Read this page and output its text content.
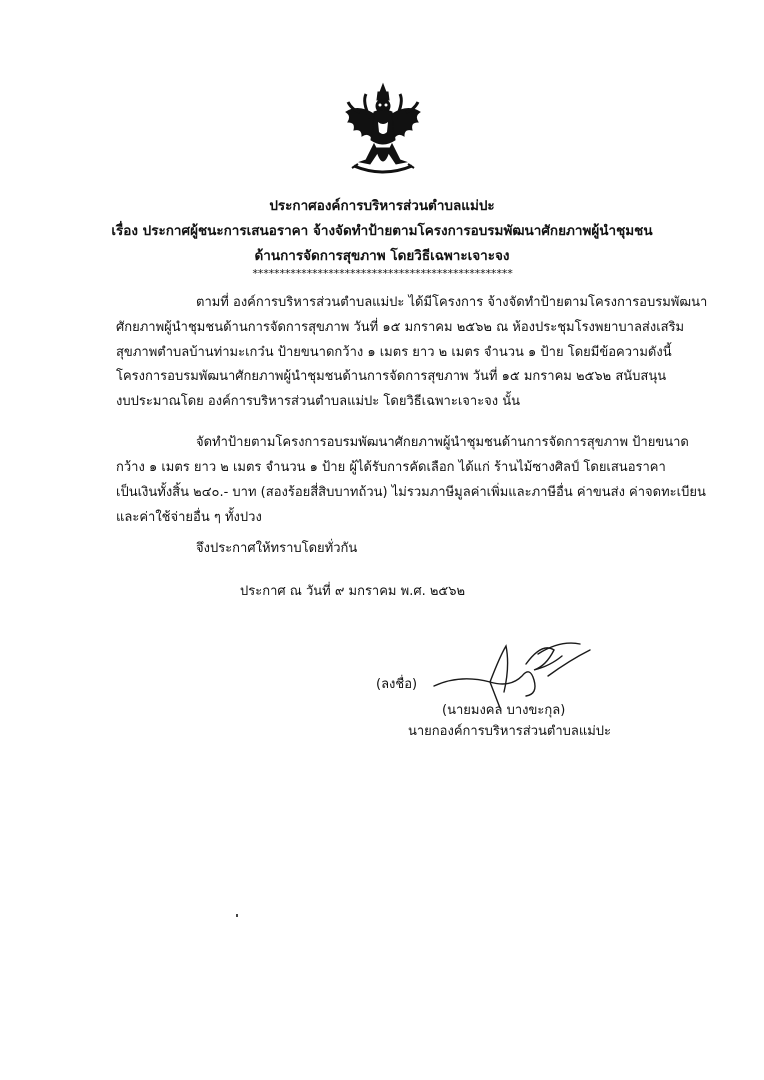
ประกาศองค์การบริหารส่วนตำบลแม่ปะ
เรื่อง ประกาศผู้ชนะการเสนอราคา จ้างจัดทำป้ายตามโครงการอบรมพัฒนาศักยภาพผู้นำชุมชน
ด้านการจัดการสุขภาพ โดยวิธีเฉพาะเจาะจง
************************************************
ตามที่ องค์การบริหารส่วนตำบลแม่ปะ ได้มีโครงการ จ้างจัดทำป้ายตามโครงการอบรมพัฒนา
ศักยภาพผู้นำชุมชนด้านการจัดการสุขภาพ วันที่ ๑๕ มกราคม ๒๕๖๒ ณ ห้องประชุมโรงพยาบาลส่งเสริม
สุขภาพตำบลบ้านท่ามะเกว๋น ป้ายขนาดกว้าง ๑ เมตร ยาว ๒ เมตร จำนวน ๑ ป้าย โดยมีข้อความดังนี้
โครงการอบรมพัฒนาศักยภาพผู้นำชุมชนด้านการจัดการสุขภาพ วันที่ ๑๕ มกราคม ๒๕๖๒ สนับสนุน
งบประมาณโดย องค์การบริหารส่วนตำบลแม่ปะ โดยวิธีเฉพาะเจาะจง นั้น
จัดทำป้ายตามโครงการอบรมพัฒนาศักยภาพผู้นำชุมชนด้านการจัดการสุขภาพ ป้ายขนาด
กว้าง ๑ เมตร ยาว ๒ เมตร จำนวน ๑ ป้าย ผู้ได้รับการคัดเลือก ได้แก่ ร้านไม้ซางศิลป์ โดยเสนอราคา
เป็นเงินทั้งสิ้น ๒๔๐.- บาท (สองร้อยสี่สิบบาทถ้วน) ไม่รวมภาษีมูลค่าเพิ่มและภาษีอื่น ค่าขนส่ง ค่าจดทะเบียน
และค่าใช้จ่ายอื่น ๆ ทั้งปวง
จึงประกาศให้ทราบโดยทั่วกัน
ประกาศ ณ วันที่ ๙ มกราคม พ.ศ. ๒๕๖๒
(ลงชื่อ)
(นายมงคล บางขะกุล)
นายกองค์การบริหารส่วนตำบลแม่ปะ
